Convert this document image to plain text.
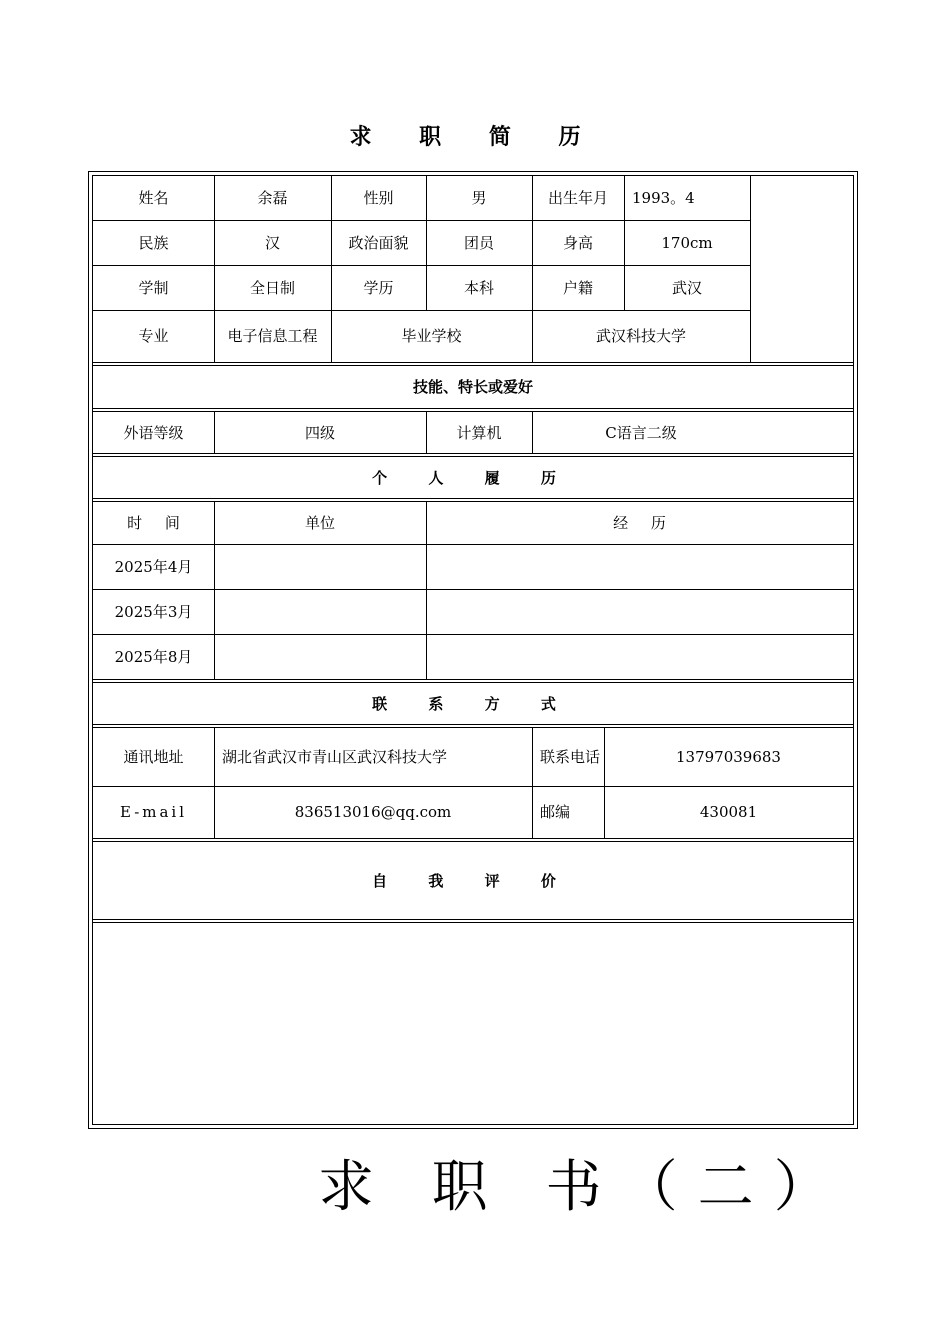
求 职 简 历
姓名	余磊	性别	男	出生年月	1993。4
民族	汉	政治面貌	团员	身高	170cm
学制	全日制	学历	本科	户籍	武汉
专业	电子信息工程	毕业学校	武汉科技大学
技能、特长或爱好
外语等级	四级	计算机	C语言二级
个 人 履 历
时 间	单位	经 历
2025年4月
2025年3月
2025年8月
联 系 方 式
通讯地址	湖北省武汉市青山区武汉科技大学	联系电话	13797039683
E-mail	836513016@qq.com	邮编	430081
自 我 评 价
求 职 书（二）
